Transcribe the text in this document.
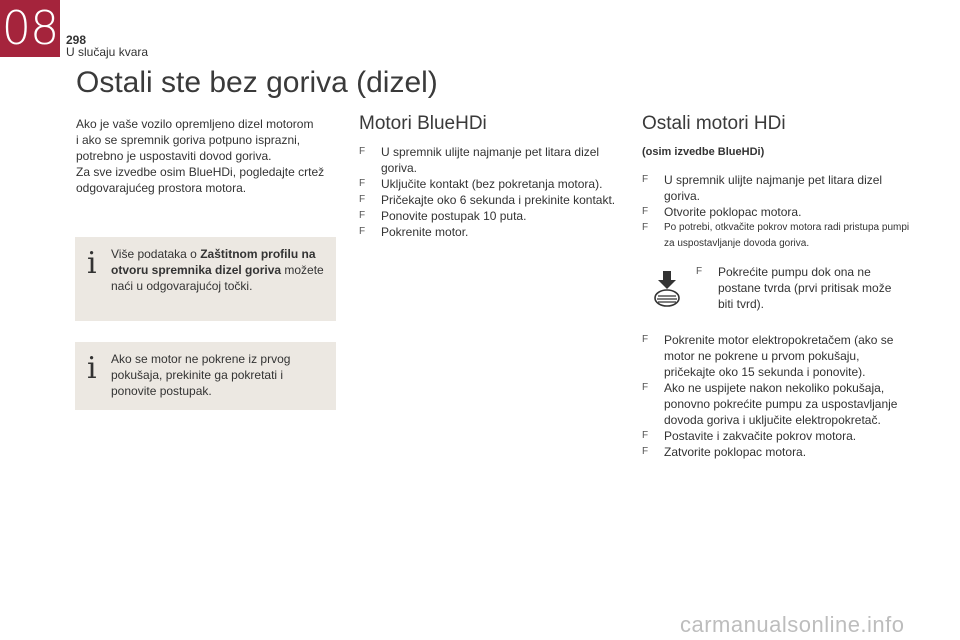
08 298
U slučaju kvara
Ostali ste bez goriva (dizel)

Ako je vaše vozilo opremljeno dizel motorom

i ako se spremnik goriva potpuno isprazni,

potrebno je uspostaviti dovod goriva.

Za sve izvedbe osim BlueHDi, pogledajte crtež

odgovarajućeg prostora motora.

i Više podataka o Zaštitnom profilu na otvoru spremnika dizel goriva možete naći u odgovarajućoj točki.
i Ako se motor ne pokrene iz prvog pokušaja, prekinite ga pokretati i ponovite postupak.
Motori BlueHDi
F U spremnik ulijte najmanje pet litara dizel goriva.
F Uključite kontakt (bez pokretanja motora).
F Pričekajte oko 6 sekunda i prekinite kontakt.
F Ponovite postupak 10 puta.
F Pokrenite motor.
Ostali motori HDi

(osim izvedbe BlueHDi)

F U spremnik ulijte najmanje pet litara dizel goriva.
F Otvorite poklopac motora.
F Po potrebi, otkvačite pokrov motora radi pristupa pumpi za uspostavljanje dovoda goriva.
F Pokrećite pumpu dok ona ne postane tvrda (prvi pritisak može biti tvrd).
F Pokrenite motor elektropokretačem (ako se motor ne pokrene u prvom pokušaju, pričekajte oko 15 sekunda i ponovite).
F Ako ne uspijete nakon nekoliko pokušaja, ponovno pokrećite pumpu za uspostavljanje dovoda goriva i uključite elektropokretač.
F Postavite i zakvačite pokrov motora.
F Zatvorite poklopac motora.
carmanualsonline.info
